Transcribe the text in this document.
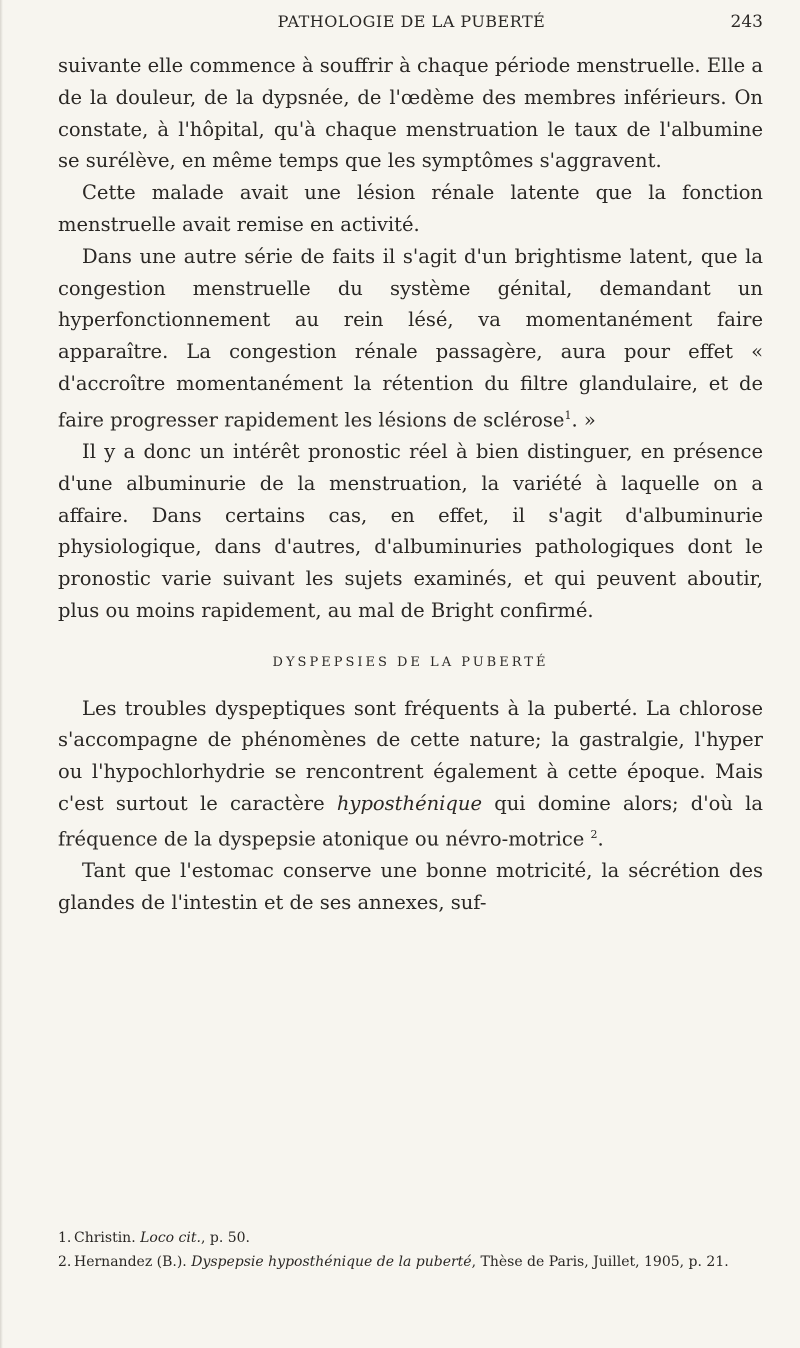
PATHOLOGIE DE LA PUBERTÉ	243

suivante elle commence à souffrir à chaque période menstruelle. Elle a de la douleur, de la dypsnée, de l'œdème des membres inférieurs. On constate, à l'hôpital, qu'à chaque menstruation le taux de l'albumine se surélève, en même temps que les symptômes s'aggravent.

Cette malade avait une lésion rénale latente que la fonction menstruelle avait remise en activité.

Dans une autre série de faits il s'agit d'un brightisme latent, que la congestion menstruelle du système génital, demandant un hyperfonctionnement au rein lésé, va momentanément faire apparaître. La congestion rénale passagère, aura pour effet « d'accroître momentanément la rétention du filtre glandulaire, et de faire progresser rapidement les lésions de sclérose$^1$. »

Il y a donc un intérêt pronostic réel à bien distinguer, en présence d'une albuminurie de la menstruation, la variété à laquelle on a affaire. Dans certains cas, en effet, il s'agit d'albuminurie physiologique, dans d'autres, d'albuminuries pathologiques dont le pronostic varie suivant les sujets examinés, et qui peuvent aboutir, plus ou moins rapidement, au mal de Bright confirmé.

DYSPEPSIES DE LA PUBERTÉ

Les troubles dyspeptiques sont fréquents à la puberté. La chlorose s'accompagne de phénomènes de cette nature; la gastralgie, l'hyper ou l'hypochlorhydrie se rencontrent également à cette époque. Mais c'est surtout le caractère hyposthénique qui domine alors; d'où la fréquence de la dyspepsie atonique ou névro-motrice $^2$.

Tant que l'estomac conserve une bonne motricité, la sécrétion des glandes de l'intestin et de ses annexes, suf-

1. Christin. Loco cit., p. 50.

2. Hernandez (B.). Dyspepsie hyposthénique de la puberté, Thèse de Paris, Juillet, 1905, p. 21.
